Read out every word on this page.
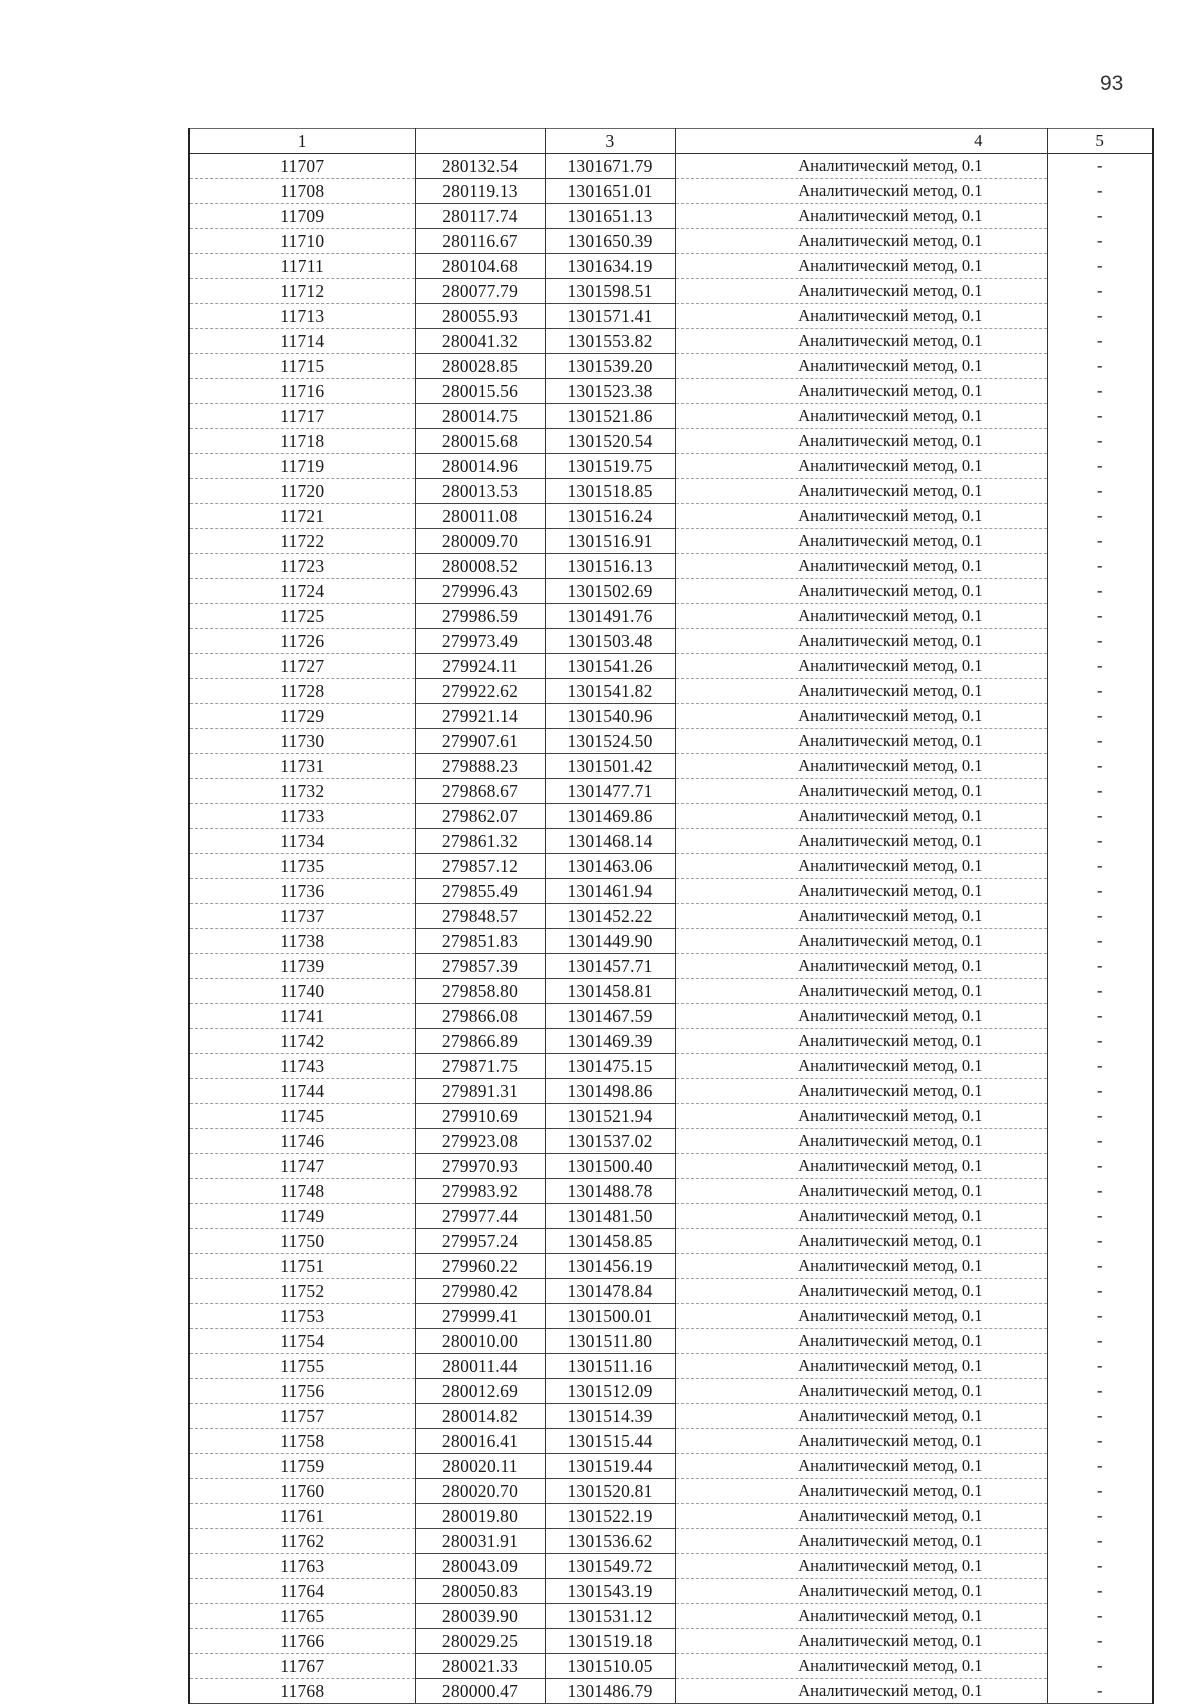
93
1		3	4	5
11707	280132.54	1301671.79	Аналитический метод, 0.1	-
11708	280119.13	1301651.01	Аналитический метод, 0.1	-
11709	280117.74	1301651.13	Аналитический метод, 0.1	-
11710	280116.67	1301650.39	Аналитический метод, 0.1	-
11711	280104.68	1301634.19	Аналитический метод, 0.1	-
11712	280077.79	1301598.51	Аналитический метод, 0.1	-
11713	280055.93	1301571.41	Аналитический метод, 0.1	-
11714	280041.32	1301553.82	Аналитический метод, 0.1	-
11715	280028.85	1301539.20	Аналитический метод, 0.1	-
11716	280015.56	1301523.38	Аналитический метод, 0.1	-
11717	280014.75	1301521.86	Аналитический метод, 0.1	-
11718	280015.68	1301520.54	Аналитический метод, 0.1	-
11719	280014.96	1301519.75	Аналитический метод, 0.1	-
11720	280013.53	1301518.85	Аналитический метод, 0.1	-
11721	280011.08	1301516.24	Аналитический метод, 0.1	-
11722	280009.70	1301516.91	Аналитический метод, 0.1	-
11723	280008.52	1301516.13	Аналитический метод, 0.1	-
11724	279996.43	1301502.69	Аналитический метод, 0.1	-
11725	279986.59	1301491.76	Аналитический метод, 0.1	-
11726	279973.49	1301503.48	Аналитический метод, 0.1	-
11727	279924.11	1301541.26	Аналитический метод, 0.1	-
11728	279922.62	1301541.82	Аналитический метод, 0.1	-
11729	279921.14	1301540.96	Аналитический метод, 0.1	-
11730	279907.61	1301524.50	Аналитический метод, 0.1	-
11731	279888.23	1301501.42	Аналитический метод, 0.1	-
11732	279868.67	1301477.71	Аналитический метод, 0.1	-
11733	279862.07	1301469.86	Аналитический метод, 0.1	-
11734	279861.32	1301468.14	Аналитический метод, 0.1	-
11735	279857.12	1301463.06	Аналитический метод, 0.1	-
11736	279855.49	1301461.94	Аналитический метод, 0.1	-
11737	279848.57	1301452.22	Аналитический метод, 0.1	-
11738	279851.83	1301449.90	Аналитический метод, 0.1	-
11739	279857.39	1301457.71	Аналитический метод, 0.1	-
11740	279858.80	1301458.81	Аналитический метод, 0.1	-
11741	279866.08	1301467.59	Аналитический метод, 0.1	-
11742	279866.89	1301469.39	Аналитический метод, 0.1	-
11743	279871.75	1301475.15	Аналитический метод, 0.1	-
11744	279891.31	1301498.86	Аналитический метод, 0.1	-
11745	279910.69	1301521.94	Аналитический метод, 0.1	-
11746	279923.08	1301537.02	Аналитический метод, 0.1	-
11747	279970.93	1301500.40	Аналитический метод, 0.1	-
11748	279983.92	1301488.78	Аналитический метод, 0.1	-
11749	279977.44	1301481.50	Аналитический метод, 0.1	-
11750	279957.24	1301458.85	Аналитический метод, 0.1	-
11751	279960.22	1301456.19	Аналитический метод, 0.1	-
11752	279980.42	1301478.84	Аналитический метод, 0.1	-
11753	279999.41	1301500.01	Аналитический метод, 0.1	-
11754	280010.00	1301511.80	Аналитический метод, 0.1	-
11755	280011.44	1301511.16	Аналитический метод, 0.1	-
11756	280012.69	1301512.09	Аналитический метод, 0.1	-
11757	280014.82	1301514.39	Аналитический метод, 0.1	-
11758	280016.41	1301515.44	Аналитический метод, 0.1	-
11759	280020.11	1301519.44	Аналитический метод, 0.1	-
11760	280020.70	1301520.81	Аналитический метод, 0.1	-
11761	280019.80	1301522.19	Аналитический метод, 0.1	-
11762	280031.91	1301536.62	Аналитический метод, 0.1	-
11763	280043.09	1301549.72	Аналитический метод, 0.1	-
11764	280050.83	1301543.19	Аналитический метод, 0.1	-
11765	280039.90	1301531.12	Аналитический метод, 0.1	-
11766	280029.25	1301519.18	Аналитический метод, 0.1	-
11767	280021.33	1301510.05	Аналитический метод, 0.1	-
11768	280000.47	1301486.79	Аналитический метод, 0.1	-
